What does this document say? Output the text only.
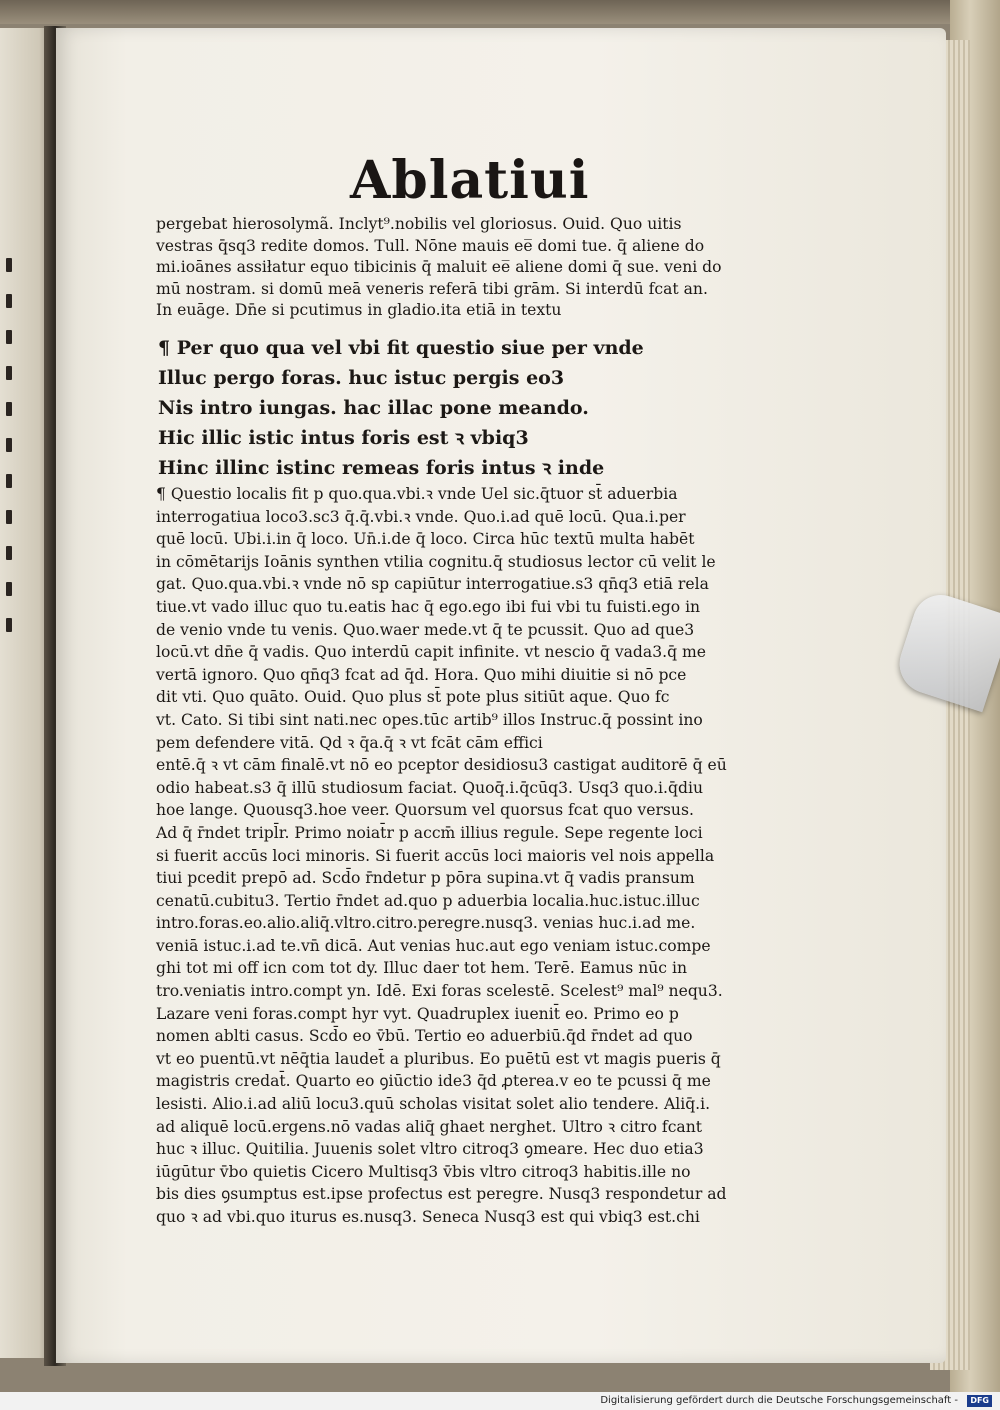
Ablatiui

pergebat hierosolymã. Inclyt⁹.nobilis vel gloriosus. Ouid. Quo uitis
vestras q̄sq3 redite domos. Tull. Nōne mauis ee̅ domi tue. q̄ aliene do
mi.ioānes assiłatur equo tibicinis q̄ maluit ee̅ aliene domi q̄ sue. veni do
mū nostram. si domū meā veneris referā tibi grām. Si interdū fcat an.
In euāge. Dn̄e si pcutimus in gladio.ita etiā in textu

¶ Per quo qua vel vbi fit questio siue per vnde
Illuc pergo foras. huc istuc pergis eo3
Nis intro iungas. hac illac pone meando.
Hic illic istic intus foris est ꝛ vbiq3
Hinc illinc istinc remeas foris intus ꝛ inde

¶ Questio localis fit p quo.qua.vbi.ꝛ vnde Uel sic.q̄tuor st̄ aduerbia
interrogatiua loco3.sc3 q̄.q̄.vbi.ꝛ vnde. Quo.i.ad quē locū. Qua.i.per
quē locū. Ubi.i.in q̄ loco. Un̄.i.de q̄ loco. Circa hūc textū multa habēt
in cōmētarijs Ioānis synthen vtilia cognitu.q̄ studiosus lector cū velit le
gat. Quo.qua.vbi.ꝛ vnde nō sp capiūtur interrogatiue.s3 qn̄q3 etiā rela
tiue.vt vado illuc quo tu.eatis hac q̄ ego.ego ibi fui vbi tu fuisti.ego in
de venio vnde tu venis. Quo.waer mede.vt q̄ te pcussit. Quo ad que3
locū.vt dn̄e q̄ vadis. Quo interdū capit infinite. vt nescio q̄ vada3.q̄ me
vertā ignoro. Quo qn̄q3 fcat ad q̄d. Hora. Quo mihi diuitie si nō pce
dit vti. Quo quāto. Ouid. Quo plus st̄ pote plus sitiūt aque. Quo fc
vt. Cato. Si tibi sint nati.nec opes.tūc artib⁹ illos Instruc.q̄ possint ino
pem defendere vitā. Qd ꝛ q̄a.q̄ ꝛ vt fcāt cām effici
entē.q̄ ꝛ vt cām finalē.vt nō eo pceptor desidiosu3 castigat auditorē q̄ eū
odio habeat.s3 q̄ illū studiosum faciat. Quoq̄.i.q̄cūq3. Usq3 quo.i.q̄diu
hoe lange. Quousq3.hoe veer. Quorsum vel quorsus fcat quo versus.
Ad q̄ r̄ndet tripl̄r. Primo noiat̄r p accm̄ illius regule. Sepe regente loci
si fuerit accūs loci minoris. Si fuerit accūs loci maioris vel nois appella
tiui pcedit prepō ad. Scd̄o r̄ndetur p pōra supina.vt q̄ vadis pransum
cenatū.cubitu3. Tertio r̄ndet ad.quo p aduerbia localia.huc.istuc.illuc
intro.foras.eo.alio.aliq̄.vltro.citro.peregre.nusq3. venias huc.i.ad me.
veniā istuc.i.ad te.vn̄ dicā. Aut venias huc.aut ego veniam istuc.compe
ghi tot mi off icn com tot dy. Illuc daer tot hem. Terē. Eamus nūc in
tro.veniatis intro.compt yn. Idē. Exi foras scelestē. Scelest⁹ mal⁹ nequ3.
Lazare veni foras.compt hyr vyt. Quadruplex iuenit̄ eo. Primo eo p
nomen ablti casus. Scd̄o eo v̄bū. Tertio eo aduerbiū.q̄d r̄ndet ad quo
vt eo puentū.vt nēq̄tia laudet̄ a pluribus. Eo puētū est vt magis pueris q̄
magistris credat̄. Quarto eo ꝯiūctio ide3 q̄d ꝓterea.v eo te pcussi q̄ me
lesisti. Alio.i.ad aliū locu3.quū scholas visitat solet alio tendere. Aliq̄.i.
ad aliquē locū.ergens.nō vadas aliq̄ ghaet nerghet. Ultro ꝛ citro fcant
huc ꝛ illuc. Quitilia. Juuenis solet vltro citroq3 ꝯmeare. Hec duo etia3
iūgūtur v̄bo quietis Cicero Multisq3 v̄bis vltro citroq3 habitis.ille no
bis dies ꝯsumptus est.ipse profectus est peregre. Nusq3 respondetur ad
quo ꝛ ad vbi.quo iturus es.nusq3. Seneca Nusq3 est qui vbiq3 est.chi

Digitalisierung gefördert durch die Deutsche Forschungsgemeinschaft -	DFG
